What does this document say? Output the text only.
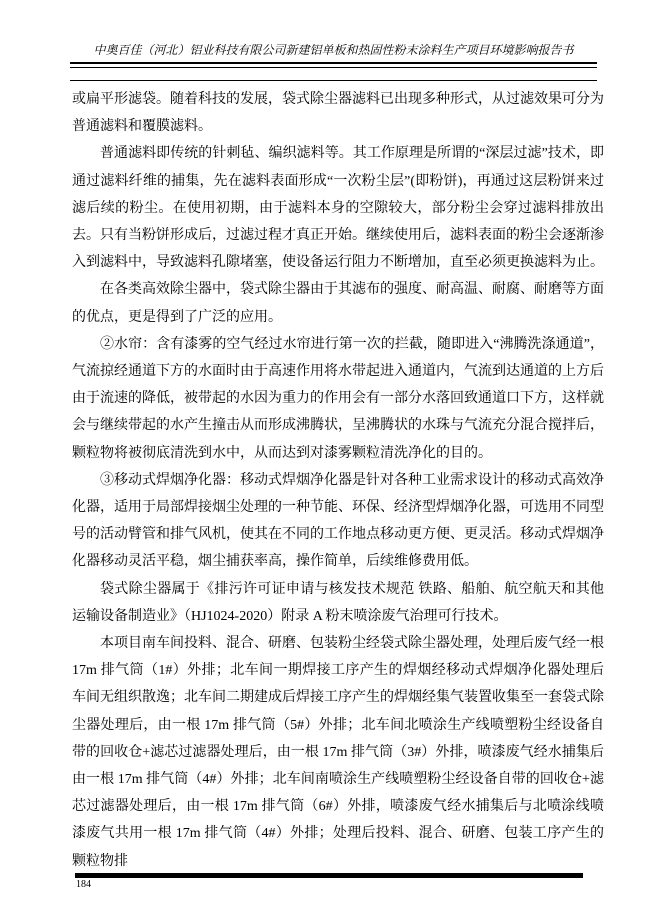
中奥百佳（河北）铝业科技有限公司新建铝单板和热固性粉末涂料生产项目环境影响报告书

或扁平形滤袋。随着科技的发展，袋式除尘器滤料已出现多种形式，从过滤效果可分为普通滤料和覆膜滤料。

普通滤料即传统的针刺毡、编织滤料等。其工作原理是所谓的“深层过滤”技术，即通过滤料纤维的捕集，先在滤料表面形成“一次粉尘层”(即粉饼)，再通过这层粉饼来过滤后续的粉尘。在使用初期，由于滤料本身的空隙较大，部分粉尘会穿过滤料排放出去。只有当粉饼形成后，过滤过程才真正开始。继续使用后，滤料表面的粉尘会逐渐渗入到滤料中，导致滤料孔隙堵塞，使设备运行阻力不断增加，直至必须更换滤料为止。

在各类高效除尘器中，袋式除尘器由于其滤布的强度、耐高温、耐腐、耐磨等方面的优点，更是得到了广泛的应用。

②水帘：含有漆雾的空气经过水帘进行第一次的拦截，随即进入“沸腾洗涤通道”，气流掠经通道下方的水面时由于高速作用将水带起进入通道内，气流到达通道的上方后由于流速的降低，被带起的水因为重力的作用会有一部分水落回致通道口下方，这样就会与继续带起的水产生撞击从而形成沸腾状，呈沸腾状的水珠与气流充分混合搅拌后，颗粒物将被彻底清洗到水中，从而达到对漆雾颗粒清洗净化的目的。

③移动式焊烟净化器：移动式焊烟净化器是针对各种工业需求设计的移动式高效净化器，适用于局部焊接烟尘处理的一种节能、环保、经济型焊烟净化器，可选用不同型号的活动臂管和排气风机，使其在不同的工作地点移动更方便、更灵活。移动式焊烟净化器移动灵活平稳，烟尘捕获率高，操作简单，后续维修费用低。

袋式除尘器属于《排污许可证申请与核发技术规范 铁路、船舶、航空航天和其他运输设备制造业》（HJ1024-2020）附录 A 粉末喷涂废气治理可行技术。

本项目南车间投料、混合、研磨、包装粉尘经袋式除尘器处理，处理后废气经一根 17m 排气筒（1#）外排；北车间一期焊接工序产生的焊烟经移动式焊烟净化器处理后车间无组织散逸；北车间二期建成后焊接工序产生的焊烟经集气装置收集至一套袋式除尘器处理后，由一根 17m 排气筒（5#）外排；北车间北喷涂生产线喷塑粉尘经设备自带的回收仓+滤芯过滤器处理后，由一根 17m 排气筒（3#）外排，喷漆废气经水捕集后由一根 17m 排气筒（4#）外排；北车间南喷涂生产线喷塑粉尘经设备自带的回收仓+滤芯过滤器处理后，由一根 17m 排气筒（6#）外排，喷漆废气经水捕集后与北喷涂线喷漆废气共用一根 17m 排气筒（4#）外排；处理后投料、混合、研磨、包装工序产生的颗粒物排

184
